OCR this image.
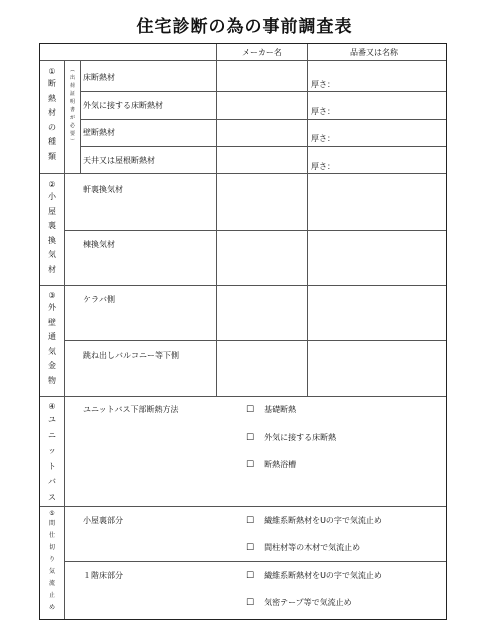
住宅診断の為の事前調査表
メーカー名	品番又は名称
①
断
熱
材
の
種
類
︵
出
荷
証
明
書
が
必
要
︶
床断熱材
外気に接する床断熱材
壁断熱材
天井又は屋根断熱材
厚さ：
厚さ：
厚さ：
厚さ：
②
小
屋
裏
換
気
材
軒裏換気材
棟換気材
③
外
壁
通
気
金
物
ケラバ側
跳ね出しバルコニー等下側
④
ユ
ニ
ッ
ト
バ
ス
ユニットバス下部断熱方法	☐ 基礎断熱
☐ 外気に接する床断熱
☐ 断熱浴槽
⑤
間
仕
切
り
気
流
止
め
小屋裏部分
１階床部分
☐ 繊維系断熱材をUの字で気流止め
☐ 間柱材等の木材で気流止め
☐ 繊維系断熱材をUの字で気流止め
☐ 気密テープ等で気流止め
